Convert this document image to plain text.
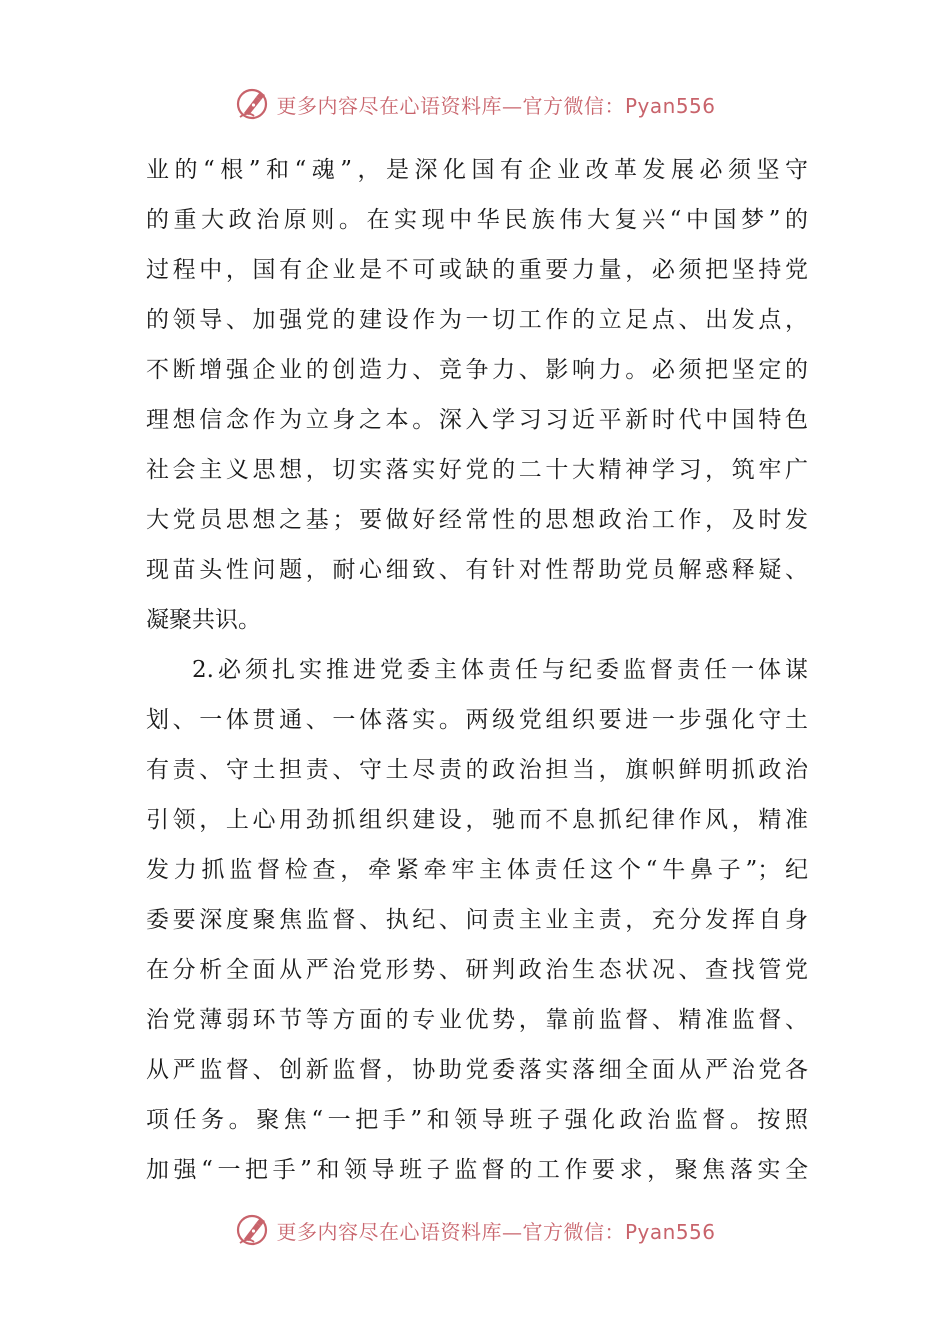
更多内容尽在心语资料库—官方微信：Pyan556
业的“根”和“魂”，是深化国有企业改革发展必须坚守
的重大政治原则。在实现中华民族伟大复兴“中国梦”的
过程中，国有企业是不可或缺的重要力量，必须把坚持党
的领导、加强党的建设作为一切工作的立足点、出发点，
不断增强企业的创造力、竞争力、影响力。必须把坚定的
理想信念作为立身之本。深入学习习近平新时代中国特色
社会主义思想，切实落实好党的二十大精神学习，筑牢广
大党员思想之基；要做好经常性的思想政治工作，及时发
现苗头性问题，耐心细致、有针对性帮助党员解惑释疑、
凝聚共识。
2.必须扎实推进党委主体责任与纪委监督责任一体谋
划、一体贯通、一体落实。两级党组织要进一步强化守土
有责、守土担责、守土尽责的政治担当，旗帜鲜明抓政治
引领，上心用劲抓组织建设，驰而不息抓纪律作风，精准
发力抓监督检查，牵紧牵牢主体责任这个“牛鼻子”；纪
委要深度聚焦监督、执纪、问责主业主责，充分发挥自身
在分析全面从严治党形势、研判政治生态状况、查找管党
治党薄弱环节等方面的专业优势，靠前监督、精准监督、
从严监督、创新监督，协助党委落实落细全面从严治党各
项任务。聚焦“一把手”和领导班子强化政治监督。按照
加强“一把手”和领导班子监督的工作要求，聚焦落实全
更多内容尽在心语资料库—官方微信：Pyan556
